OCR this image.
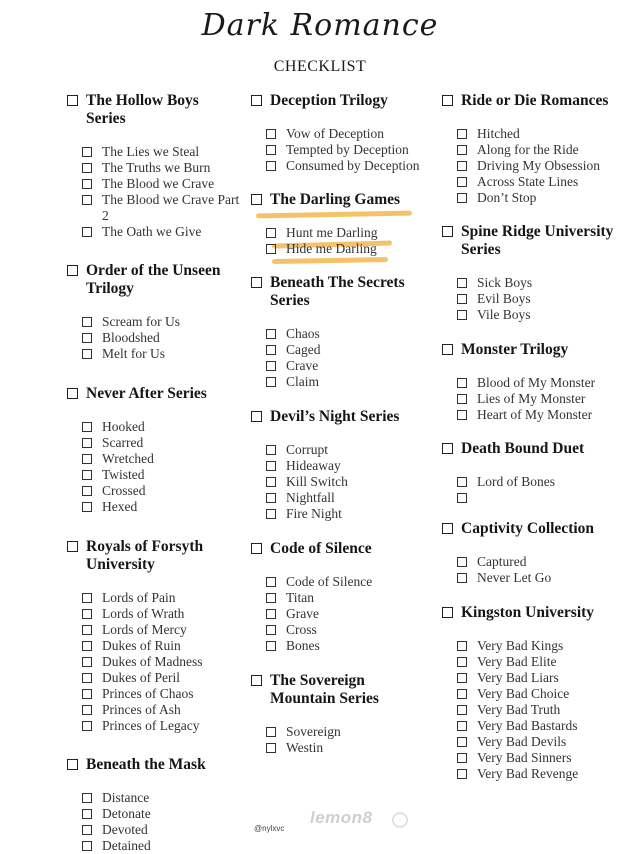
Dark Romance
CHECKLIST
The Hollow Boys Series
The Lies we Steal
The Truths we Burn
The Blood we Crave
The Blood we Crave Part 2
The Oath we Give
Order of the Unseen Trilogy
Scream for Us
Bloodshed
Melt for Us
Never After Series
Hooked
Scarred
Wretched
Twisted
Crossed
Hexed
Royals of Forsyth University
Lords of Pain
Lords of Wrath
Lords of Mercy
Dukes of Ruin
Dukes of Madness
Dukes of Peril
Princes of Chaos
Princes of Ash
Princes of Legacy
Beneath the Mask
Distance
Detonate
Devoted
Detained
Deception Trilogy
Vow of Deception
Tempted by Deception
Consumed by Deception
The Darling Games
Hunt me Darling
Hide me Darling
Beneath The Secrets Series
Chaos
Caged
Crave
Claim
Devil’s Night Series
Corrupt
Hideaway
Kill Switch
Nightfall
Fire Night
Code of Silence
Code of Silence
Titan
Grave
Cross
Bones
The Sovereign Mountain Series
Sovereign
Westin
Ride or Die Romances
Hitched
Along for the Ride
Driving My Obsession
Across State Lines
Don’t Stop
Spine Ridge University Series
Sick Boys
Evil Boys
Vile Boys
Monster Trilogy
Blood of My Monster
Lies of My Monster
Heart of My Monster
Death Bound Duet
Lord of Bones
Captivity Collection
Captured
Never Let Go
Kingston University
Very Bad Kings
Very Bad Elite
Very Bad Liars
Very Bad Choice
Very Bad Truth
Very Bad Bastards
Very Bad Devils
Very Bad Sinners
Very Bad Revenge
@nylxvc
lemon8
